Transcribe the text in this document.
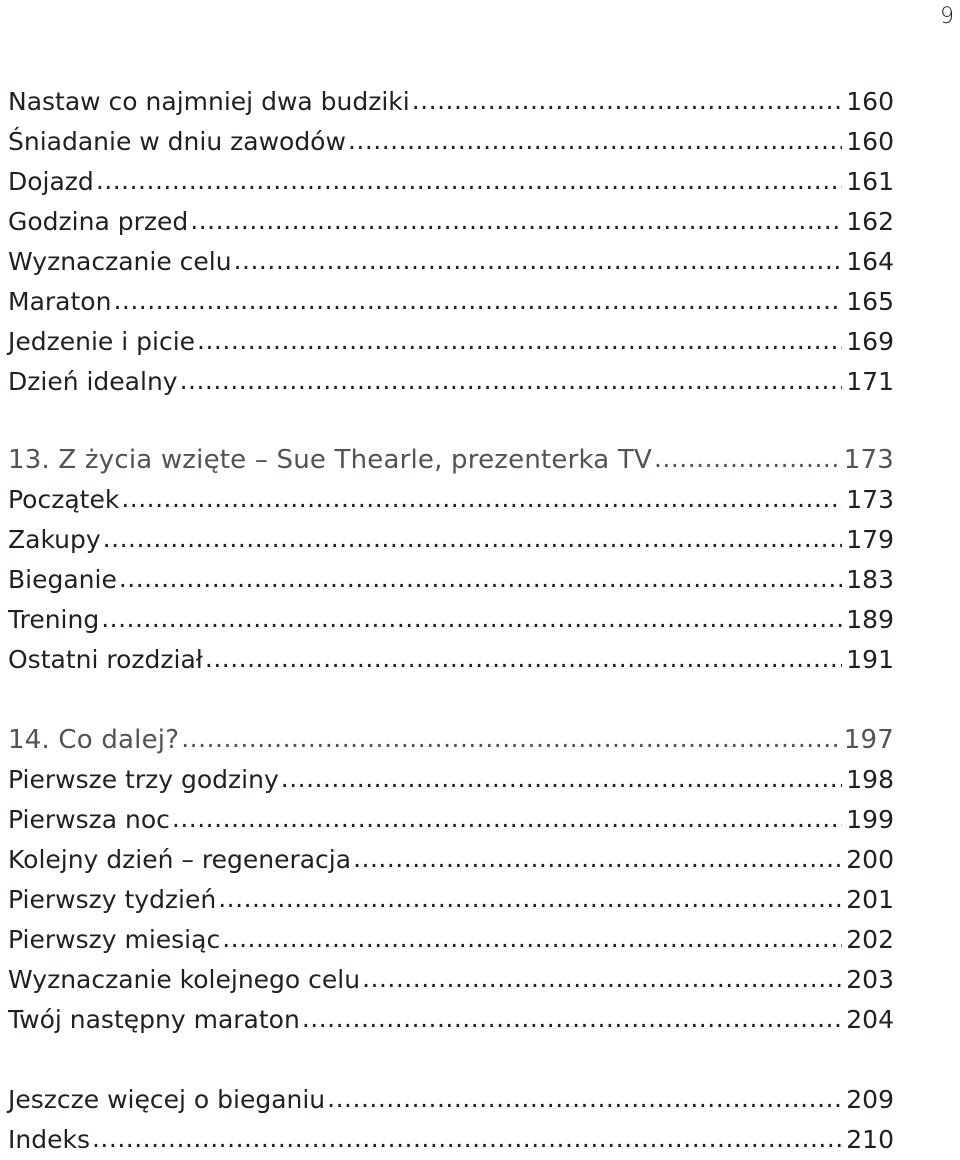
9
Nastaw co najmniej dwa budziki .....	160
Śniadanie w dniu zawodów .....	160
Dojazd .....	161
Godzina przed .....	162
Wyznaczanie celu .....	164
Maraton .....	165
Jedzenie i picie .....	169
Dzień idealny .....	171
13. Z życia wzięte – Sue Thearle, prezenterka TV .....	173
Początek .....	173
Zakupy .....	179
Bieganie .....	183
Trening .....	189
Ostatni rozdział .....	191
14. Co dalej? .....	197
Pierwsze trzy godziny .....	198
Pierwsza noc .....	199
Kolejny dzień – regeneracja .....	200
Pierwszy tydzień .....	201
Pierwszy miesiąc .....	202
Wyznaczanie kolejnego celu .....	203
Twój następny maraton .....	204
Jeszcze więcej o bieganiu .....	209
Indeks .....	210
